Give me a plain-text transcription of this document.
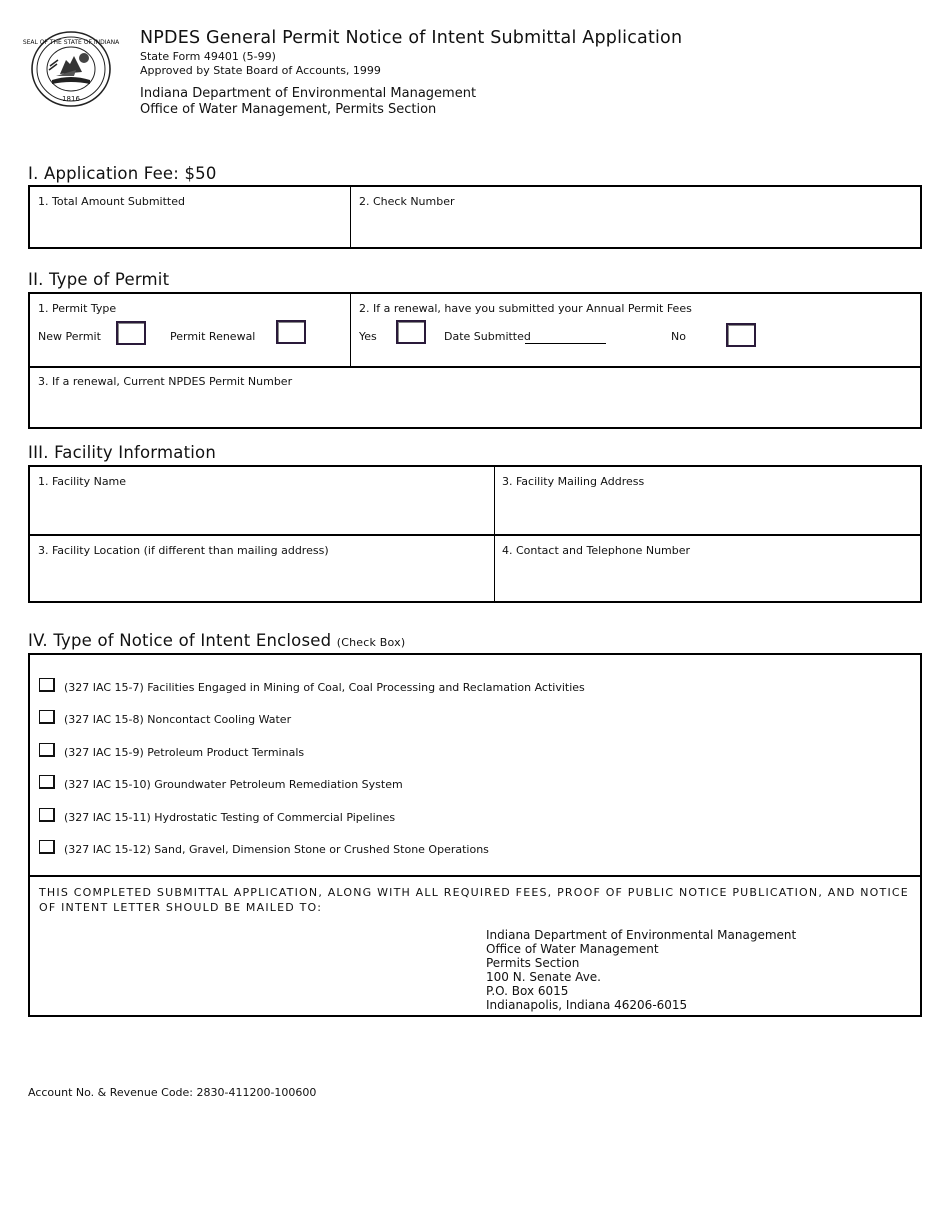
SEAL OF THE STATE OF INDIANA
1816
NPDES General Permit Notice of Intent Submittal Application
State Form 49401 (5-99)
Approved by State Board of Accounts, 1999
Indiana Department of Environmental Management
Office of Water Management, Permits Section
I. Application Fee: $50
1. Total Amount Submitted	2. Check Number
II. Type of Permit
1. Permit Type
New Permit	Permit Renewal
2. If a renewal, have you submitted your Annual Permit Fees
Yes	Date Submitted	No
3. If a renewal, Current NPDES Permit Number
III. Facility Information
1. Facility Name	3. Facility Mailing Address
3. Facility Location (if different than mailing address)	4. Contact and Telephone Number
IV. Type of Notice of Intent Enclosed (Check Box)
(327 IAC 15-7) Facilities Engaged in Mining of Coal, Coal Processing and Reclamation Activities
(327 IAC 15-8) Noncontact Cooling Water
(327 IAC 15-9) Petroleum Product Terminals
(327 IAC 15-10) Groundwater Petroleum Remediation System
(327 IAC 15-11) Hydrostatic Testing of Commercial Pipelines
(327 IAC 15-12) Sand, Gravel, Dimension Stone or Crushed Stone Operations
THIS COMPLETED SUBMITTAL APPLICATION, ALONG WITH ALL REQUIRED FEES, PROOF OF PUBLIC NOTICE PUBLICATION, AND NOTICE OF INTENT LETTER SHOULD BE MAILED TO:
Indiana Department of Environmental Management
Office of Water Management
Permits Section
100 N. Senate Ave.
P.O. Box 6015
Indianapolis, Indiana 46206-6015
Account No. & Revenue Code: 2830-411200-100600
